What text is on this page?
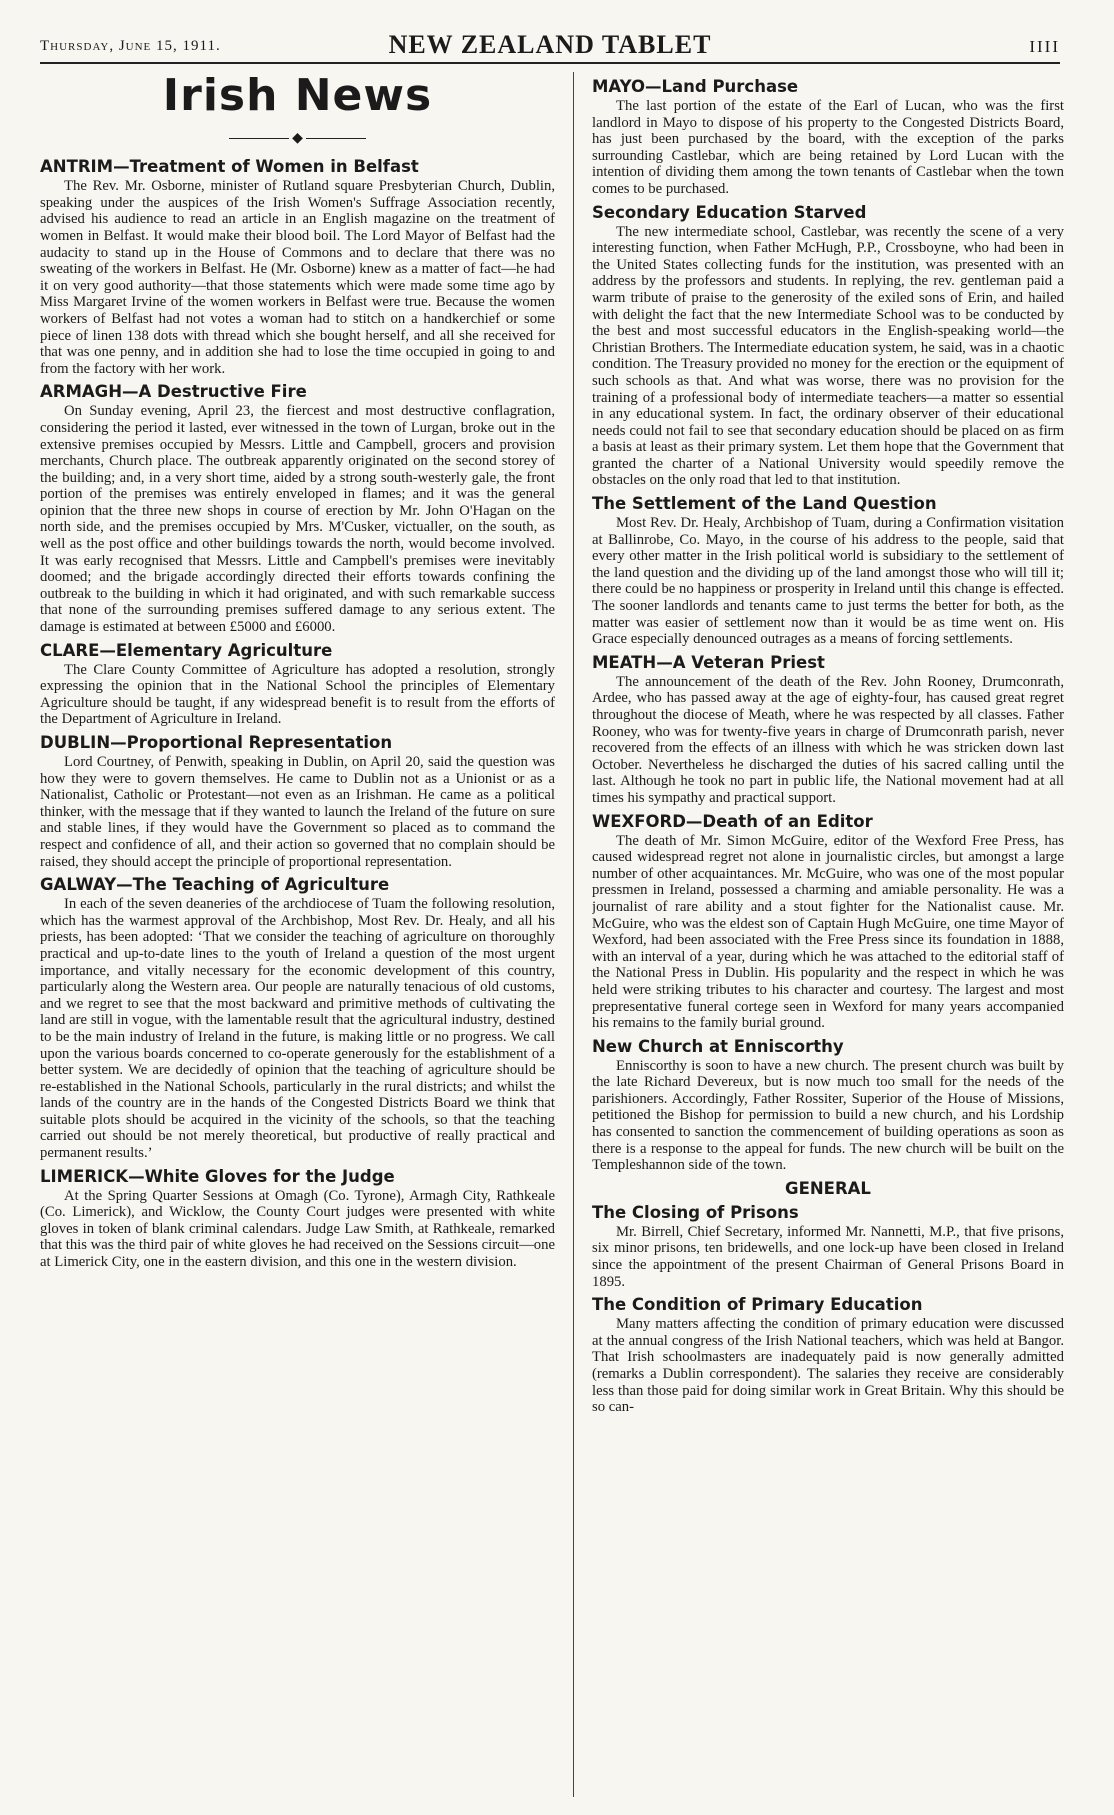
Thursday, June 15, 1911.	NEW ZEALAND TABLET	IIII
Irish News
◆
ANTRIM—Treatment of Women in Belfast

The Rev. Mr. Osborne, minister of Rutland square Presbyterian Church, Dublin, speaking under the auspices of the Irish Women's Suffrage Association recently, advised his audience to read an article in an English magazine on the treatment of women in Belfast. It would make their blood boil. The Lord Mayor of Belfast had the audacity to stand up in the House of Commons and to declare that there was no sweating of the workers in Belfast. He (Mr. Osborne) knew as a matter of fact—he had it on very good authority—that those statements which were made some time ago by Miss Margaret Irvine of the women workers in Belfast were true. Because the women workers of Belfast had not votes a woman had to stitch on a handkerchief or some piece of linen 138 dots with thread which she bought herself, and all she received for that was one penny, and in addition she had to lose the time occupied in going to and from the factory with her work.

ARMAGH—A Destructive Fire

On Sunday evening, April 23, the fiercest and most destructive conflagration, considering the period it lasted, ever witnessed in the town of Lurgan, broke out in the extensive premises occupied by Messrs. Little and Campbell, grocers and provision merchants, Church place. The outbreak apparently originated on the second storey of the building; and, in a very short time, aided by a strong south-westerly gale, the front portion of the premises was entirely enveloped in flames; and it was the general opinion that the three new shops in course of erection by Mr. John O'Hagan on the north side, and the premises occupied by Mrs. M'Cusker, victualler, on the south, as well as the post office and other buildings towards the north, would become involved. It was early recognised that Messrs. Little and Campbell's premises were inevitably doomed; and the brigade accordingly directed their efforts towards confining the outbreak to the building in which it had originated, and with such remarkable success that none of the surrounding premises suffered damage to any serious extent. The damage is estimated at between £5000 and £6000.

CLARE—Elementary Agriculture

The Clare County Committee of Agriculture has adopted a resolution, strongly expressing the opinion that in the National School the principles of Elementary Agriculture should be taught, if any widespread benefit is to result from the efforts of the Department of Agriculture in Ireland.

DUBLIN—Proportional Representation

Lord Courtney, of Penwith, speaking in Dublin, on April 20, said the question was how they were to govern themselves. He came to Dublin not as a Unionist or as a Nationalist, Catholic or Protestant—not even as an Irishman. He came as a political thinker, with the message that if they wanted to launch the Ireland of the future on sure and stable lines, if they would have the Government so placed as to command the respect and confidence of all, and their action so governed that no complain should be raised, they should accept the principle of proportional representation.

GALWAY—The Teaching of Agriculture

In each of the seven deaneries of the archdiocese of Tuam the following resolution, which has the warmest approval of the Archbishop, Most Rev. Dr. Healy, and all his priests, has been adopted: ‘That we consider the teaching of agriculture on thoroughly practical and up-to-date lines to the youth of Ireland a question of the most urgent importance, and vitally necessary for the economic development of this country, particularly along the Western area. Our people are naturally tenacious of old customs, and we regret to see that the most backward and primitive methods of cultivating the land are still in vogue, with the lamentable result that the agricultural industry, destined to be the main industry of Ireland in the future, is making little or no progress. We call upon the various boards concerned to co-operate generously for the establishment of a better system. We are decidedly of opinion that the teaching of agriculture should be re-established in the National Schools, particularly in the rural districts; and whilst the lands of the country are in the hands of the Congested Districts Board we think that suitable plots should be acquired in the vicinity of the schools, so that the teaching carried out should be not merely theoretical, but productive of really practical and permanent results.’

LIMERICK—White Gloves for the Judge

At the Spring Quarter Sessions at Omagh (Co. Tyrone), Armagh City, Rathkeale (Co. Limerick), and Wicklow, the County Court judges were presented with white gloves in token of blank criminal calendars. Judge Law Smith, at Rathkeale, remarked that this was the third pair of white gloves he had received on the Sessions circuit—one at Limerick City, one in the eastern division, and this one in the western division.

MAYO—Land Purchase

The last portion of the estate of the Earl of Lucan, who was the first landlord in Mayo to dispose of his property to the Congested Districts Board, has just been purchased by the board, with the exception of the parks surrounding Castlebar, which are being retained by Lord Lucan with the intention of dividing them among the town tenants of Castlebar when the town comes to be purchased.

Secondary Education Starved

The new intermediate school, Castlebar, was recently the scene of a very interesting function, when Father McHugh, P.P., Crossboyne, who had been in the United States collecting funds for the institution, was presented with an address by the professors and students. In replying, the rev. gentleman paid a warm tribute of praise to the generosity of the exiled sons of Erin, and hailed with delight the fact that the new Intermediate School was to be conducted by the best and most successful educators in the English-speaking world—the Christian Brothers. The Intermediate education system, he said, was in a chaotic condition. The Treasury provided no money for the erection or the equipment of such schools as that. And what was worse, there was no provision for the training of a professional body of intermediate teachers—a matter so essential in any educational system. In fact, the ordinary observer of their educational needs could not fail to see that secondary education should be placed on as firm a basis at least as their primary system. Let them hope that the Government that granted the charter of a National University would speedily remove the obstacles on the only road that led to that institution.

The Settlement of the Land Question

Most Rev. Dr. Healy, Archbishop of Tuam, during a Confirmation visitation at Ballinrobe, Co. Mayo, in the course of his address to the people, said that every other matter in the Irish political world is subsidiary to the settlement of the land question and the dividing up of the land amongst those who will till it; there could be no happiness or prosperity in Ireland until this change is effected. The sooner landlords and tenants came to just terms the better for both, as the matter was easier of settlement now than it would be as time went on. His Grace especially denounced outrages as a means of forcing settlements.

MEATH—A Veteran Priest

The announcement of the death of the Rev. John Rooney, Drumconrath, Ardee, who has passed away at the age of eighty-four, has caused great regret throughout the diocese of Meath, where he was respected by all classes. Father Rooney, who was for twenty-five years in charge of Drumconrath parish, never recovered from the effects of an illness with which he was stricken down last October. Nevertheless he discharged the duties of his sacred calling until the last. Although he took no part in public life, the National movement had at all times his sympathy and practical support.

WEXFORD—Death of an Editor

The death of Mr. Simon McGuire, editor of the Wexford Free Press, has caused widespread regret not alone in journalistic circles, but amongst a large number of other acquaintances. Mr. McGuire, who was one of the most popular pressmen in Ireland, possessed a charming and amiable personality. He was a journalist of rare ability and a stout fighter for the Nationalist cause. Mr. McGuire, who was the eldest son of Captain Hugh McGuire, one time Mayor of Wexford, had been associated with the Free Press since its foundation in 1888, with an interval of a year, during which he was attached to the editorial staff of the National Press in Dublin. His popularity and the respect in which he was held were striking tributes to his character and courtesy. The largest and most prepresentative funeral cortege seen in Wexford for many years accompanied his remains to the family burial ground.

New Church at Enniscorthy

Enniscorthy is soon to have a new church. The present church was built by the late Richard Devereux, but is now much too small for the needs of the parishioners. Accordingly, Father Rossiter, Superior of the House of Missions, petitioned the Bishop for permission to build a new church, and his Lordship has consented to sanction the commencement of building operations as soon as there is a response to the appeal for funds. The new church will be built on the Templeshannon side of the town.

GENERAL
The Closing of Prisons

Mr. Birrell, Chief Secretary, informed Mr. Nannetti, M.P., that five prisons, six minor prisons, ten bridewells, and one lock-up have been closed in Ireland since the appointment of the present Chairman of General Prisons Board in 1895.

The Condition of Primary Education

Many matters affecting the condition of primary education were discussed at the annual congress of the Irish National teachers, which was held at Bangor. That Irish schoolmasters are inadequately paid is now generally admitted (remarks a Dublin correspondent). The salaries they receive are considerably less than those paid for doing similar work in Great Britain. Why this should be so can-
